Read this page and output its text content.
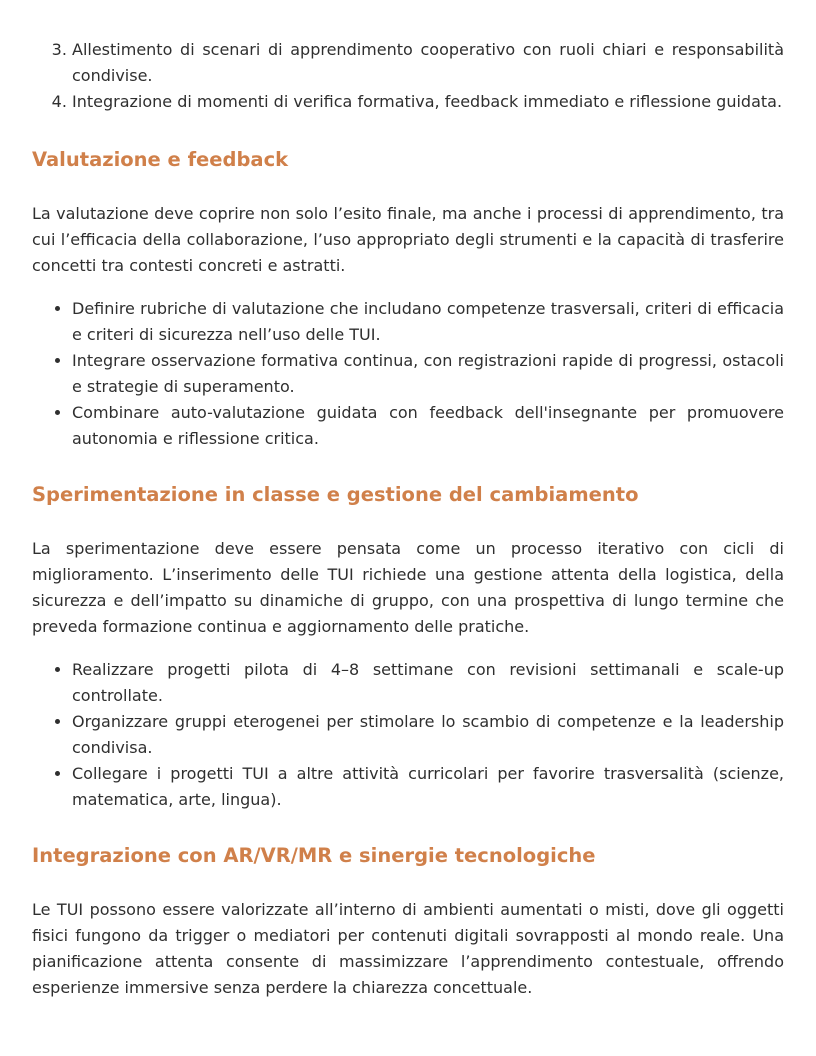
3. Allestimento di scenari di apprendimento cooperativo con ruoli chiari e responsabilità condivise.
4. Integrazione di momenti di verifica formativa, feedback immediato e riflessione guidata.
Valutazione e feedback

La valutazione deve coprire non solo l’esito finale, ma anche i processi di apprendimento, tra cui l’efficacia della collaborazione, l’uso appropriato degli strumenti e la capacità di trasferire concetti tra contesti concreti e astratti.

• Definire rubriche di valutazione che includano competenze trasversali, criteri di efficacia e criteri di sicurezza nell’uso delle TUI.
• Integrare osservazione formativa continua, con registrazioni rapide di progressi, ostacoli e strategie di superamento.
• Combinare auto-valutazione guidata con feedback dell'insegnante per promuovere autonomia e riflessione critica.
Sperimentazione in classe e gestione del cambiamento

La sperimentazione deve essere pensata come un processo iterativo con cicli di miglioramento. L’inserimento delle TUI richiede una gestione attenta della logistica, della sicurezza e dell’impatto su dinamiche di gruppo, con una prospettiva di lungo termine che preveda formazione continua e aggiornamento delle pratiche.

• Realizzare progetti pilota di 4–8 settimane con revisioni settimanali e scale-up controllate.
• Organizzare gruppi eterogenei per stimolare lo scambio di competenze e la leadership condivisa.
• Collegare i progetti TUI a altre attività curricolari per favorire trasversalità (scienze, matematica, arte, lingua).
Integrazione con AR/VR/MR e sinergie tecnologiche

Le TUI possono essere valorizzate all’interno di ambienti aumentati o misti, dove gli oggetti fisici fungono da trigger o mediatori per contenuti digitali sovrapposti al mondo reale. Una pianificazione attenta consente di massimizzare l’apprendimento contestuale, offrendo esperienze immersive senza perdere la chiarezza concettuale.
